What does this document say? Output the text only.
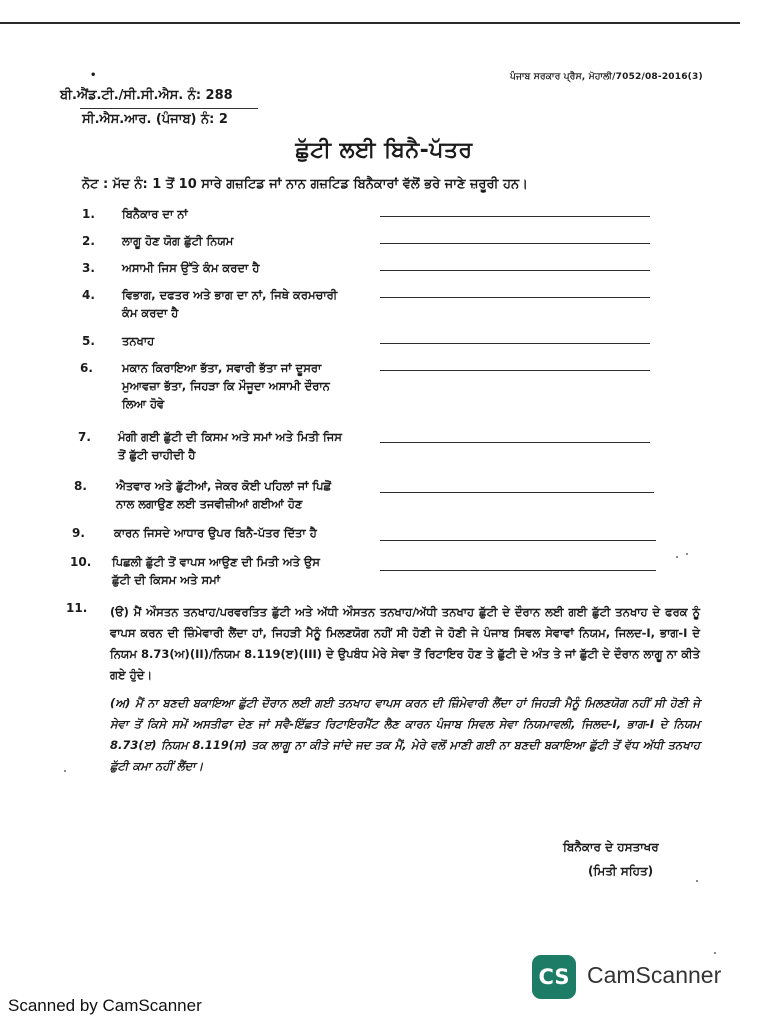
•	ਪੰਜਾਬ ਸਰਕਾਰ ਪ੍ਰੈਸ, ਮੋਹਾਲੀ/7052/08-2016(3)
ਬੀ.ਐਂਡ.ਟੀ./ਸੀ.ਸੀ.ਐਸ. ਨੰ: 288
ਸੀ.ਐਸ.ਆਰ. (ਪੰਜਾਬ) ਨੰ: 2
ਛੁੱਟੀ ਲਈ ਬਿਨੈ-ਪੱਤਰ
ਨੋਟ : ਮੱਦ ਨੰ: 1 ਤੋਂ 10 ਸਾਰੇ ਗਜ਼ਟਿਡ ਜਾਂ ਨਾਨ ਗਜ਼ਟਿਡ ਬਿਨੈਕਾਰਾਂ ਵੱਲੋਂ ਭਰੇ ਜਾਣੇ ਜ਼ਰੂਰੀ ਹਨ।
1. ਬਿਨੈਕਾਰ ਦਾ ਨਾਂ
2. ਲਾਗੂ ਹੋਣ ਯੋਗ ਛੁੱਟੀ ਨਿਯਮ
3. ਅਸਾਮੀ ਜਿਸ ਉੱਤੇ ਕੰਮ ਕਰਦਾ ਹੈ
4. ਵਿਭਾਗ, ਦਫਤਰ ਅਤੇ ਭਾਗ ਦਾ ਨਾਂ, ਜਿਥੇ ਕਰਮਚਾਰੀ ਕੰਮ ਕਰਦਾ ਹੈ
5. ਤਨਖਾਹ
6.	ਮਕਾਨ ਕਿਰਾਇਆ ਭੱਤਾ, ਸਵਾਰੀ ਭੱਤਾ ਜਾਂ ਦੂਸਰਾ ਮੁਆਵਜ਼ਾ ਭੱਤਾ, ਜਿਹੜਾ ਕਿ ਮੌਜੂਦਾ ਅਸਾਮੀ ਦੌਰਾਨ ਲਿਆ ਹੋਵੇ
7. ਮੰਗੀ ਗਈ ਛੁੱਟੀ ਦੀ ਕਿਸਮ ਅਤੇ ਸਮਾਂ ਅਤੇ ਮਿਤੀ ਜਿਸ ਤੋਂ ਛੁੱਟੀ ਚਾਹੀਦੀ ਹੈ
8.	ਐਤਵਾਰ ਅਤੇ ਛੁੱਟੀਆਂ, ਜੇਕਰ ਕੋਈ ਪਹਿਲਾਂ ਜਾਂ ਪਿਛੋਂ ਨਾਲ ਲਗਾਉਣ ਲਈ ਤਜਵੀਜ਼ੀਆਂ ਗਈਆਂ ਹੋਣ
9.	ਕਾਰਨ ਜਿਸਦੇ ਆਧਾਰ ਉਪਰ ਬਿਨੈ-ਪੱਤਰ ਦਿੱਤਾ ਹੈ
10. ਪਿਛਲੀ ਛੁੱਟੀ ਤੋਂ ਵਾਪਸ ਆਉਣ ਦੀ ਮਿਤੀ ਅਤੇ ਉਸ ਛੁੱਟੀ ਦੀ ਕਿਸਮ ਅਤੇ ਸਮਾਂ
11. (ੳ) ਮੈਂ ਔਸਤਨ ਤਨਖਾਹ/ਪਰਵਰਤਿਤ ਛੁੱਟੀ ਅਤੇ ਅੱਧੀ ਔਸਤਨ ਤਨਖਾਹ/ਅੱਧੀ ਤਨਖਾਹ ਛੁੱਟੀ ਦੇ ਦੌਰਾਨ ਲਈ ਗਈ ਛੁੱਟੀ ਤਨਖਾਹ ਦੇ ਫਰਕ ਨੂੰ ਵਾਪਸ ਕਰਨ ਦੀ ਜ਼ਿੰਮੇਵਾਰੀ ਲੈਂਦਾ ਹਾਂ, ਜਿਹੜੀ ਮੈਨੂੰ ਮਿਲਣਯੋਗ ਨਹੀਂ ਸੀ ਹੋਣੀ ਜੇ ਹੋਣੀ ਜੇ ਪੰਜਾਬ ਸਿਵਲ ਸੇਵਾਵਾਂ ਨਿਯਮ, ਜਿਲਦ-I, ਭਾਗ-I ਦੇ ਨਿਯਮ 8.73(ਅ)(II)/ਨਿਯਮ 8.119(ੲ)(III) ਦੇ ਉਪਬੰਧ ਮੇਰੇ ਸੇਵਾ ਤੋਂ ਰਿਟਾਇਰ ਹੋਣ ਤੇ ਛੁੱਟੀ ਦੇ ਅੰਤ ਤੇ ਜਾਂ ਛੁੱਟੀ ਦੇ ਦੌਰਾਨ ਲਾਗੂ ਨਾ ਕੀਤੇ ਗਏ ਹੁੰਦੇ।
(ਅ) ਮੈਂ ਨਾ ਬਣਦੀ ਬਕਾਇਆ ਛੁੱਟੀ ਦੌਰਾਨ ਲਈ ਗਈ ਤਨਖਾਹ ਵਾਪਸ ਕਰਨ ਦੀ ਜ਼ਿੰਮੇਵਾਰੀ ਲੈਂਦਾ ਹਾਂ ਜਿਹੜੀ ਮੈਨੂੰ ਮਿਲਣਯੋਗ ਨਹੀਂ ਸੀ ਹੋਣੀ ਜੇ ਸੇਵਾ ਤੋਂ ਕਿਸੇ ਸਮੇਂ ਅਸਤੀਫਾ ਦੇਣ ਜਾਂ ਸਵੈ-ਇੱਛਤ ਰਿਟਾਇਰਮੈਂਟ ਲੈਣ ਕਾਰਨ ਪੰਜਾਬ ਸਿਵਲ ਸੇਵਾ ਨਿਯਮਾਵਲੀ, ਜਿਲਦ-I, ਭਾਗ-I ਦੇ ਨਿਯਮ 8.73(ੲ) ਨਿਯਮ 8.119(ਸ) ਤਕ ਲਾਗੂ ਨਾ ਕੀਤੇ ਜਾਂਦੇ ਜਦ ਤਕ ਮੈਂ, ਮੇਰੇ ਵਲੋਂ ਮਾਣੀ ਗਈ ਨਾ ਬਣਦੀ ਬਕਾਇਆ ਛੁੱਟੀ ਤੋਂ ਵੱਧ ਅੱਧੀ ਤਨਖਾਹ ਛੁੱਟੀ ਕਮਾ ਨਹੀਂ ਲੈਂਦਾ।
ਬਿਨੈਕਾਰ ਦੇ ਹਸਤਾਖਰ
(ਮਿਤੀ ਸਹਿਤ)
CS CamScanner
Scanned by CamScanner
